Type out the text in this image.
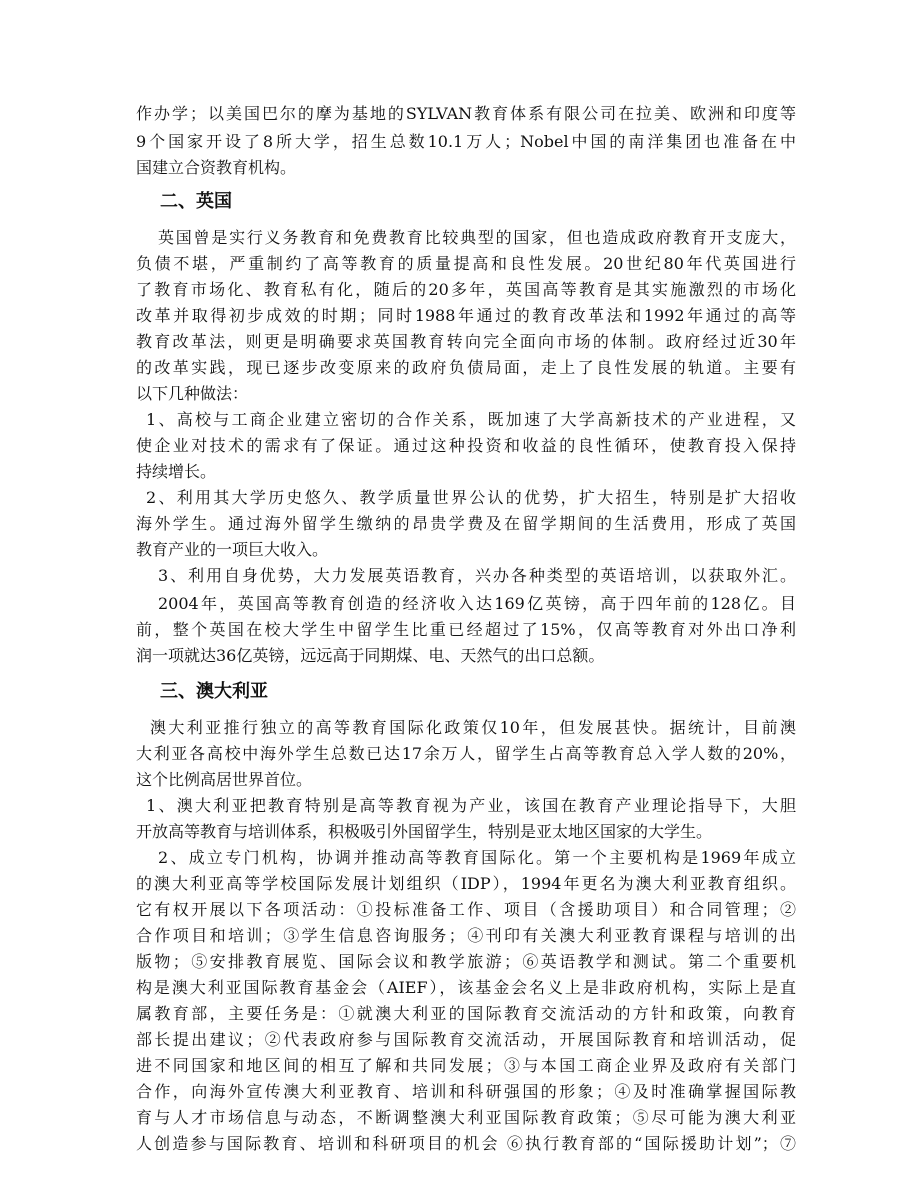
作办学；以美国巴尔的摩为基地的SYLVAN教育体系有限公司在拉美、欧洲和印度等
9个国家开设了8所大学，招生总数10.1万人；Nobel中国的南洋集团也准备在中
国建立合资教育机构。
二、英国
英国曾是实行义务教育和免费教育比较典型的国家，但也造成政府教育开支庞大，
负债不堪，严重制约了高等教育的质量提高和良性发展。20世纪80年代英国进行
了教育市场化、教育私有化，随后的20多年，英国高等教育是其实施激烈的市场化
改革并取得初步成效的时期；同时1988年通过的教育改革法和1992年通过的高等
教育改革法，则更是明确要求英国教育转向完全面向市场的体制。政府经过近30年
的改革实践，现已逐步改变原来的政府负债局面，走上了良性发展的轨道。主要有
以下几种做法：
1、高校与工商企业建立密切的合作关系，既加速了大学高新技术的产业进程，又
使企业对技术的需求有了保证。通过这种投资和收益的良性循环，使教育投入保持
持续增长。
2、利用其大学历史悠久、教学质量世界公认的优势，扩大招生，特别是扩大招收
海外学生。通过海外留学生缴纳的昂贵学费及在留学期间的生活费用，形成了英国
教育产业的一项巨大收入。
3、利用自身优势，大力发展英语教育，兴办各种类型的英语培训，以获取外汇。
2004年，英国高等教育创造的经济收入达169亿英镑，高于四年前的128亿。目
前，整个英国在校大学生中留学生比重已经超过了15%，仅高等教育对外出口净利
润一项就达36亿英镑，远远高于同期煤、电、天然气的出口总额。
三、澳大利亚
澳大利亚推行独立的高等教育国际化政策仅10年，但发展甚快。据统计，目前澳
大利亚各高校中海外学生总数已达17余万人，留学生占高等教育总入学人数的20%，
这个比例高居世界首位。
1、澳大利亚把教育特别是高等教育视为产业，该国在教育产业理论指导下，大胆
开放高等教育与培训体系，积极吸引外国留学生，特别是亚太地区国家的大学生。
2、成立专门机构，协调并推动高等教育国际化。第一个主要机构是1969年成立
的澳大利亚高等学校国际发展计划组织（IDP），1994年更名为澳大利亚教育组织。
它有权开展以下各项活动：①投标准备工作、项目（含援助项目）和合同管理；②
合作项目和培训；③学生信息咨询服务；④刊印有关澳大利亚教育课程与培训的出
版物；⑤安排教育展览、国际会议和教学旅游；⑥英语教学和测试。第二个重要机
构是澳大利亚国际教育基金会（AIEF），该基金会名义上是非政府机构，实际上是直
属教育部，主要任务是：①就澳大利亚的国际教育交流活动的方针和政策，向教育
部长提出建议；②代表政府参与国际教育交流活动，开展国际教育和培训活动，促
进不同国家和地区间的相互了解和共同发展；③与本国工商企业界及政府有关部门
合作，向海外宣传澳大利亚教育、培训和科研强国的形象；④及时准确掌握国际教
育与人才市场信息与动态，不断调整澳大利亚国际教育政策；⑤尽可能为澳大利亚
人创造参与国际教育、培训和科研项目的机会 ⑥执行教育部的“国际援助计划”；⑦
